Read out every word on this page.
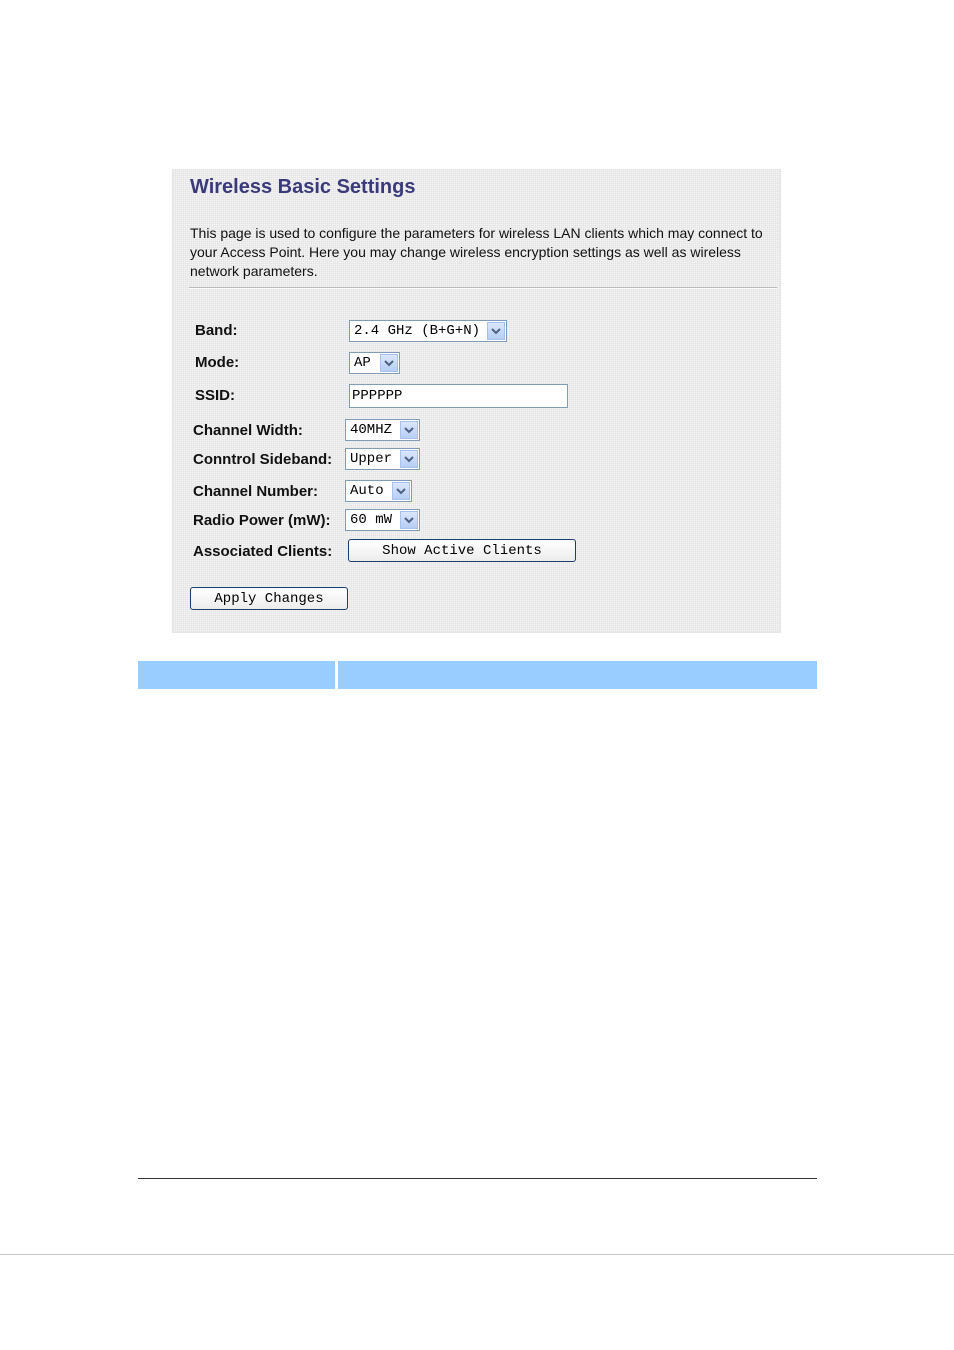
Wireless Basic Settings

This page is used to configure the parameters for wireless LAN clients which may connect to your Access Point. Here you may change wireless encryption settings as well as wireless network parameters.

Band:	2.4 GHz (B+G+N)
Mode:	AP
SSID:
PPPPPP
Channel Width:	40MHZ
Conntrol Sideband: Upper
Channel Number: Auto
Radio Power (mW): 60 mW
Associated Clients:	Show Active Clients
Apply Changes
